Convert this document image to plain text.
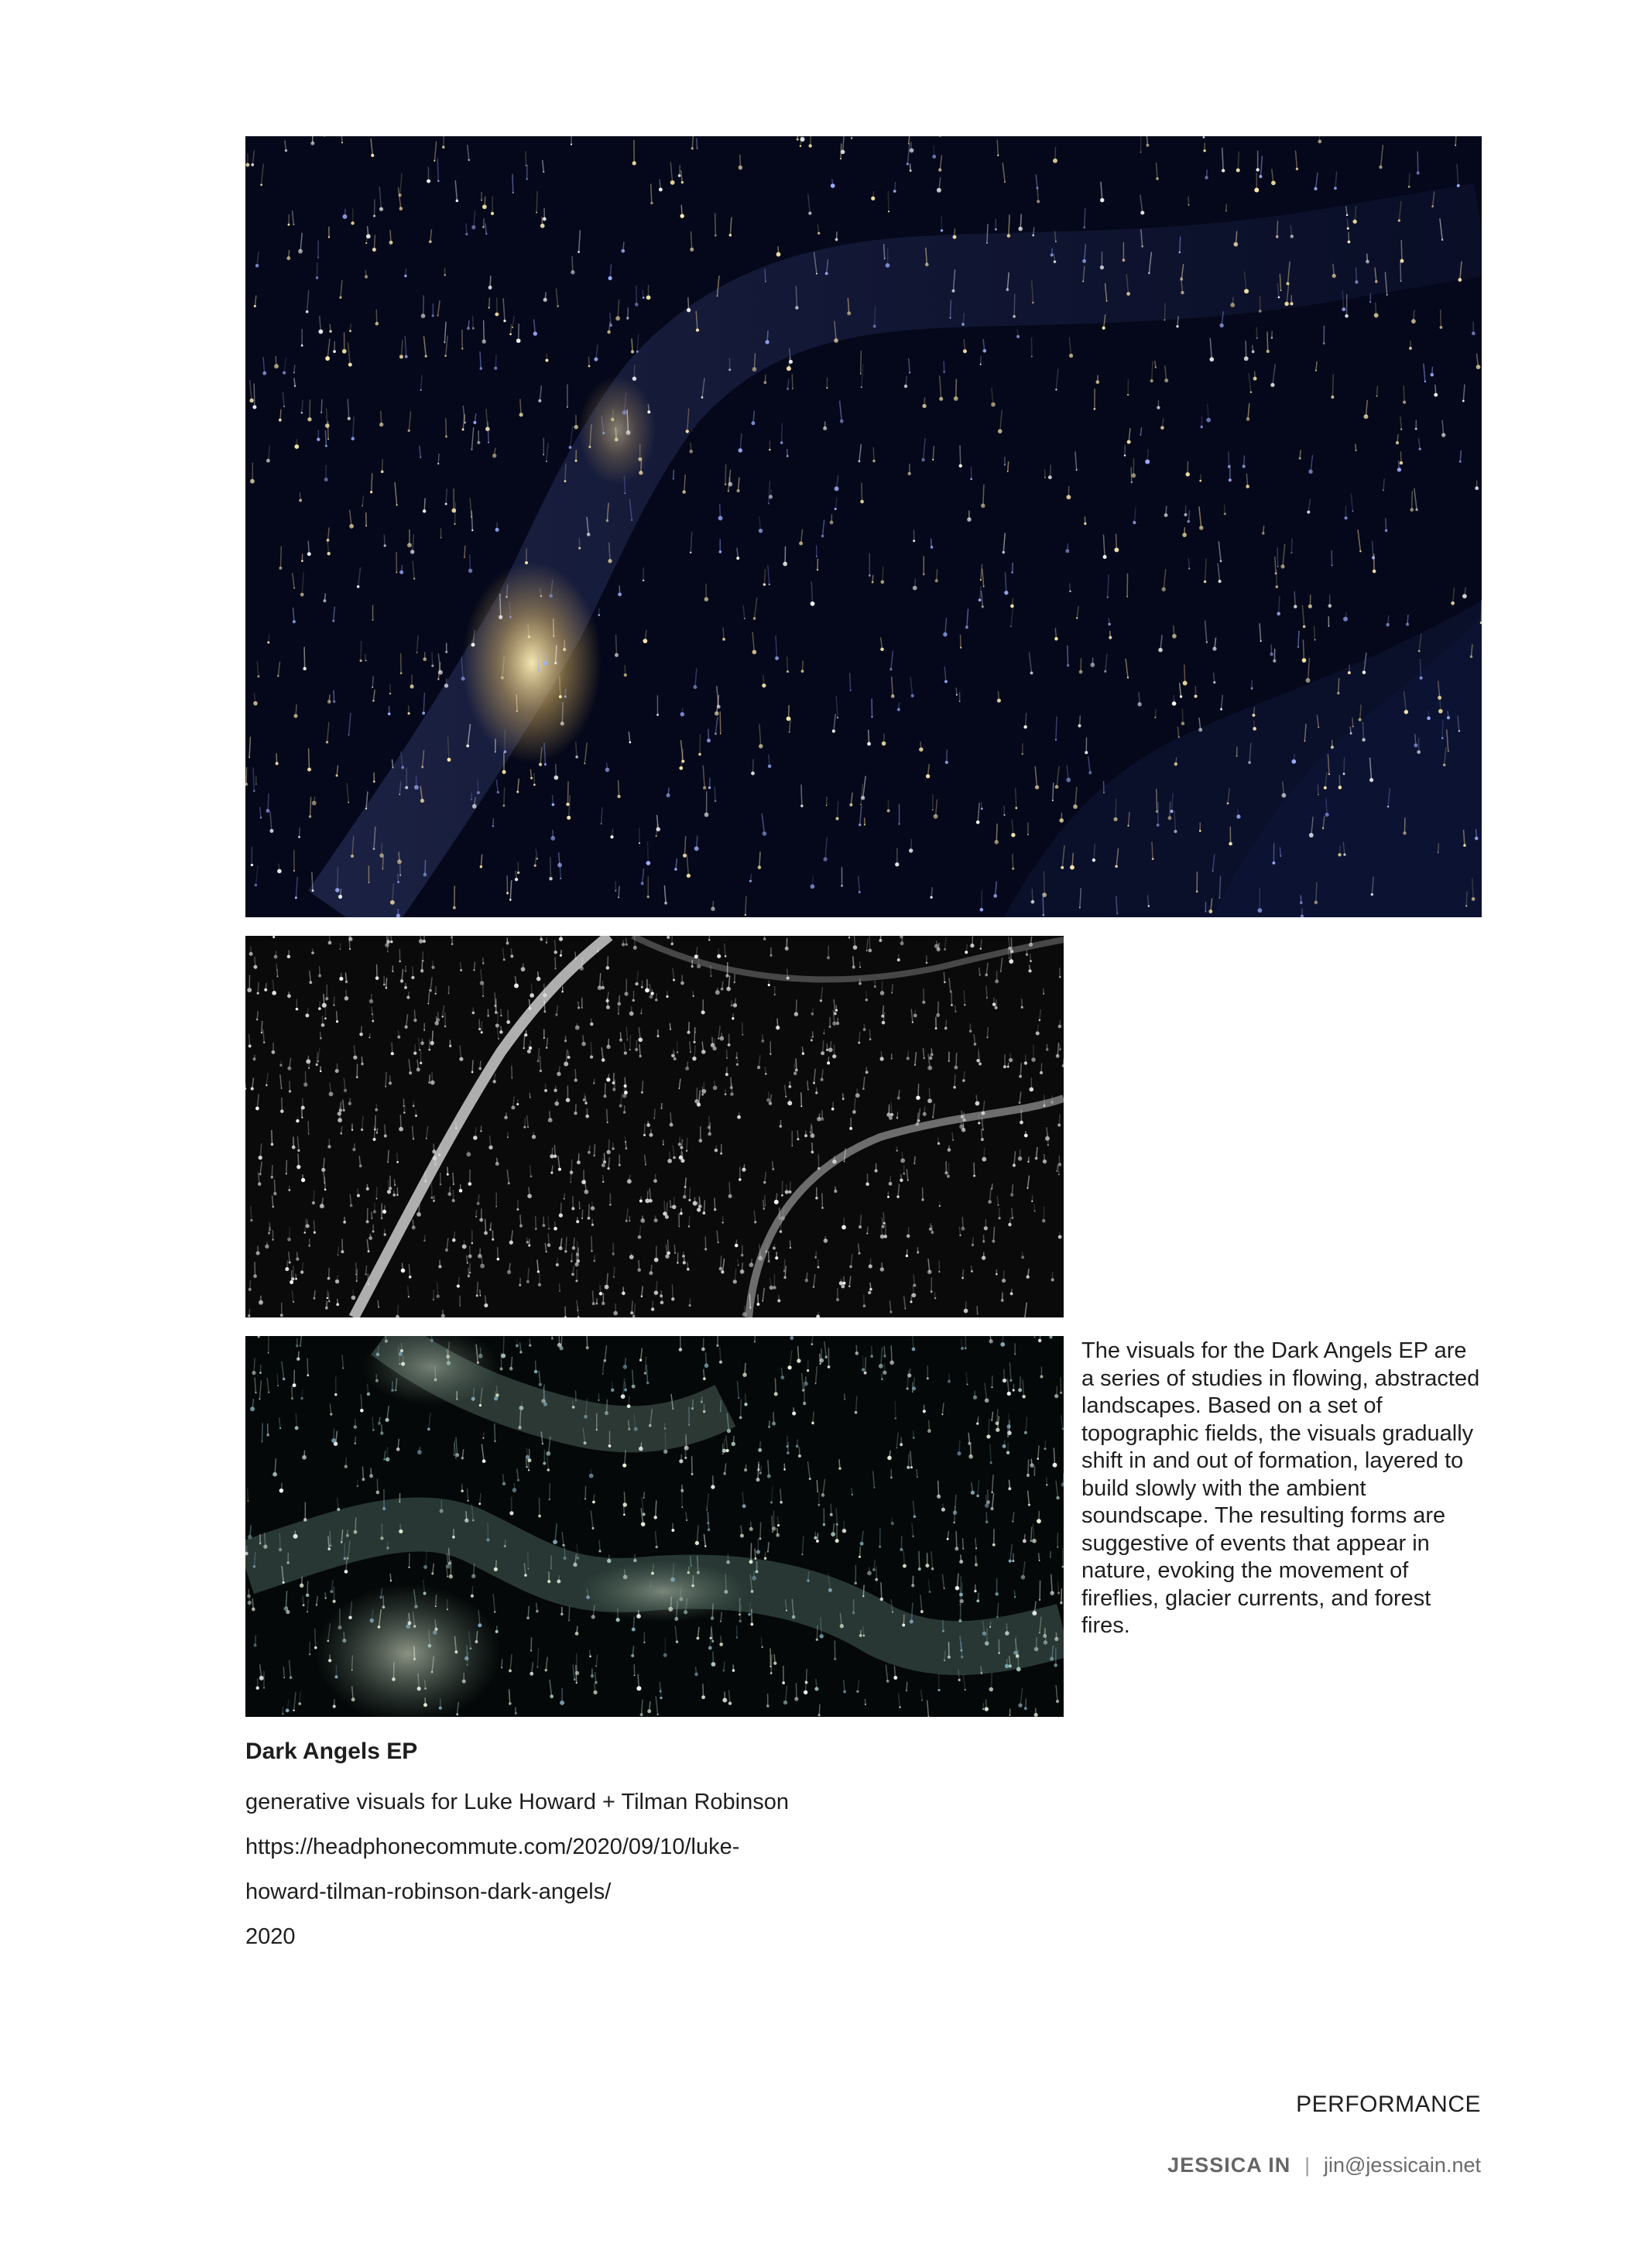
The visuals for the Dark Angels EP are a series of studies in flowing, abstracted landscapes. Based on a set of topographic fields, the visuals gradually shift in and out of formation, layered to build slowly with the ambient soundscape. The resulting forms are suggestive of events that appear in nature, evoking the movement of fireflies, glacier currents, and forest fires.
Dark Angels EP
generative visuals for Luke Howard + Tilman Robinson
https://headphonecommute.com/2020/09/10/luke-
howard-tilman-robinson-dark-angels/
2020
PERFORMANCE
JESSICA IN | jin@jessicain.net
